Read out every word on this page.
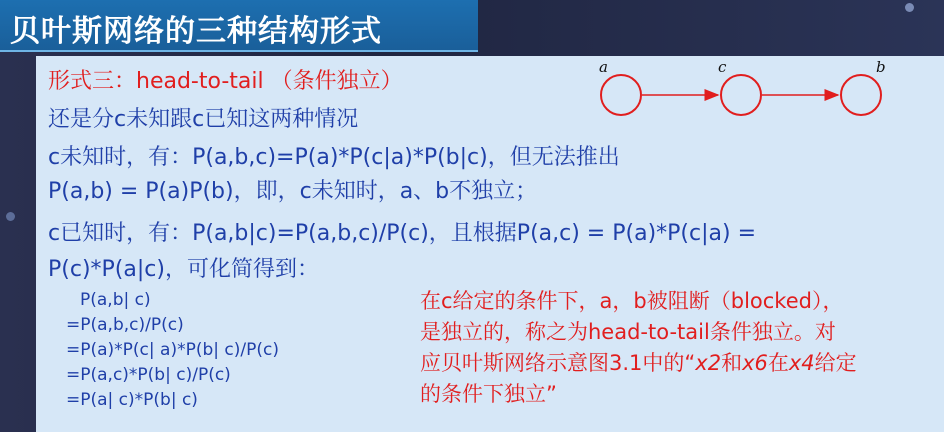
贝叶斯网络的三种结构形式
形式三：head-to-tail （条件独立）
还是分c未知跟c已知这两种情况
c未知时，有：P(a,b,c)=P(a)*P(c|a)*P(b|c)，但无法推出
P(a,b) = P(a)P(b)，即，c未知时，a、b不独立；
c已知时，有：P(a,b|c)=P(a,b,c)/P(c)，且根据P(a,c) = P(a)*P(c|a) =
P(c)*P(a|c)，可化简得到：
P(a,b| c)
=P(a,b,c)/P(c)
=P(a)*P(c| a)*P(b| c)/P(c)
=P(a,c)*P(b| c)/P(c)
=P(a| c)*P(b| c)
在c给定的条件下，a，b被阻断（blocked），
是独立的，称之为head-to-tail条件独立。对
应贝叶斯网络示意图3.1中的“x2和x6在x4给定
的条件下独立”
a	c	b
